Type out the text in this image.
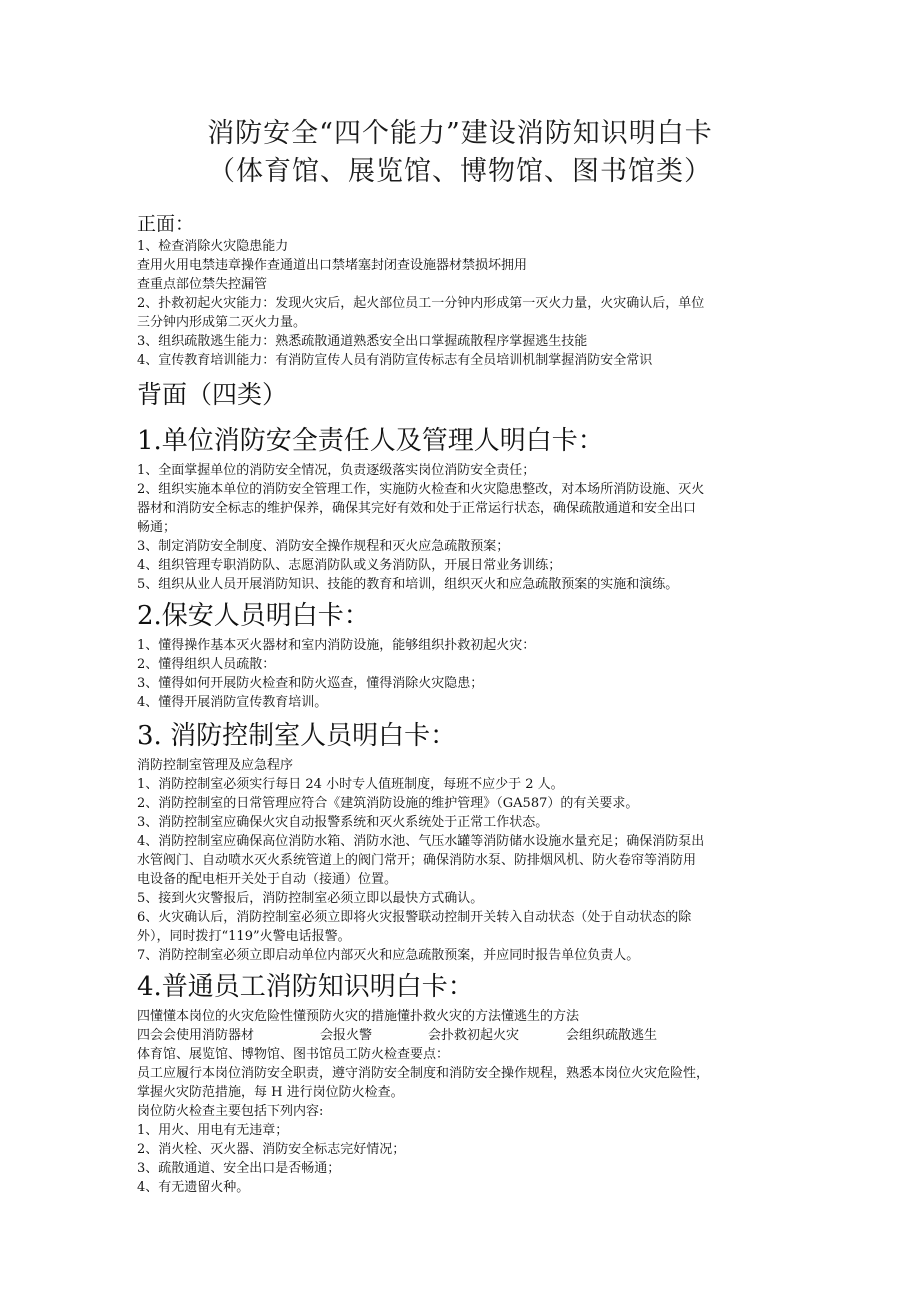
消防安全“四个能力”建设消防知识明白卡
（体育馆、展览馆、博物馆、图书馆类）
正面：

1、检查消除火灾隐患能力

查用火用电禁违章操作查通道出口禁堵塞封闭查设施器材禁损坏拥用

查重点部位禁失控漏管

2、扑救初起火灾能力：发现火灾后，起火部位员工一分钟内形成第一灭火力量，火灾确认后，单位

三分钟内形成第二灭火力量。

3、组织疏散逃生能力：熟悉疏散通道熟悉安全出口掌握疏散程序掌握逃生技能

4、宣传教育培训能力：有消防宣传人员有消防宣传标志有全员培训机制掌握消防安全常识

背面（四类）
1.单位消防安全责任人及管理人明白卡：

1、全面掌握单位的消防安全情况，负责逐级落实岗位消防安全责任；

2、组织实施本单位的消防安全管理工作，实施防火检查和火灾隐患整改，对本场所消防设施、灭火

器材和消防安全标志的维护保养，确保其完好有效和处于正常运行状态，确保疏散通道和安全出口

畅通；

3、制定消防安全制度、消防安全操作规程和灭火应急疏散预案；

4、组织管理专职消防队、志愿消防队或义务消防队，开展日常业务训练；

5、组织从业人员开展消防知识、技能的教育和培训，组织灭火和应急疏散预案的实施和演练。

2.保安人员明白卡：

1、懂得操作基本灭火器材和室内消防设施，能够组织扑救初起火灾：

2、懂得组织人员疏散：

3、懂得如何开展防火检查和防火巡查，懂得消除火灾隐患；

4、懂得开展消防宣传教育培训。

3. 消防控制室人员明白卡：

消防控制室管理及应急程序

1、消防控制室必须实行每日 24 小时专人值班制度，每班不应少于 2 人。

2、消防控制室的日常管理应符合《建筑消防设施的维护管理》（GA587）的有关要求。

3、消防控制室应确保火灾自动报警系统和灭火系统处于正常工作状态。

4、消防控制室应确保高位消防水箱、消防水池、气压水罐等消防储水设施水量充足；确保消防泵出

水管阀门、自动喷水灭火系统管道上的阀门常开；确保消防水泵、防排烟风机、防火卷帘等消防用

电设备的配电柜开关处于自动（接通）位置。

5、接到火灾警报后，消防控制室必须立即以最快方式确认。

6、火灾确认后，消防控制室必须立即将火灾报警联动控制开关转入自动状态（处于自动状态的除

外），同时拨打“119”火警电话报警。

7、消防控制室必须立即启动单位内部灭火和应急疏散预案，并应同时报告单位负责人。

4.普通员工消防知识明白卡：

四懂懂本岗位的火灾危险性懂预防火灾的措施懂扑救火灾的方法懂逃生的方法

四会会使用消防器材	会报火警	会扑救初起火灾	会组织疏散逃生

体育馆、展览馆、博物馆、图书馆员工防火检查要点：

员工应履行本岗位消防安全职责，遵守消防安全制度和消防安全操作规程，熟悉本岗位火灾危险性，

掌握火灾防范措施，每 H 进行岗位防火检查。

岗位防火检查主要包括下列内容:

1、用火、用电有无违章；

2、消火栓、灭火器、消防安全标志完好情况；

3、疏散通道、安全出口是否畅通；

4、有无遗留火种。
